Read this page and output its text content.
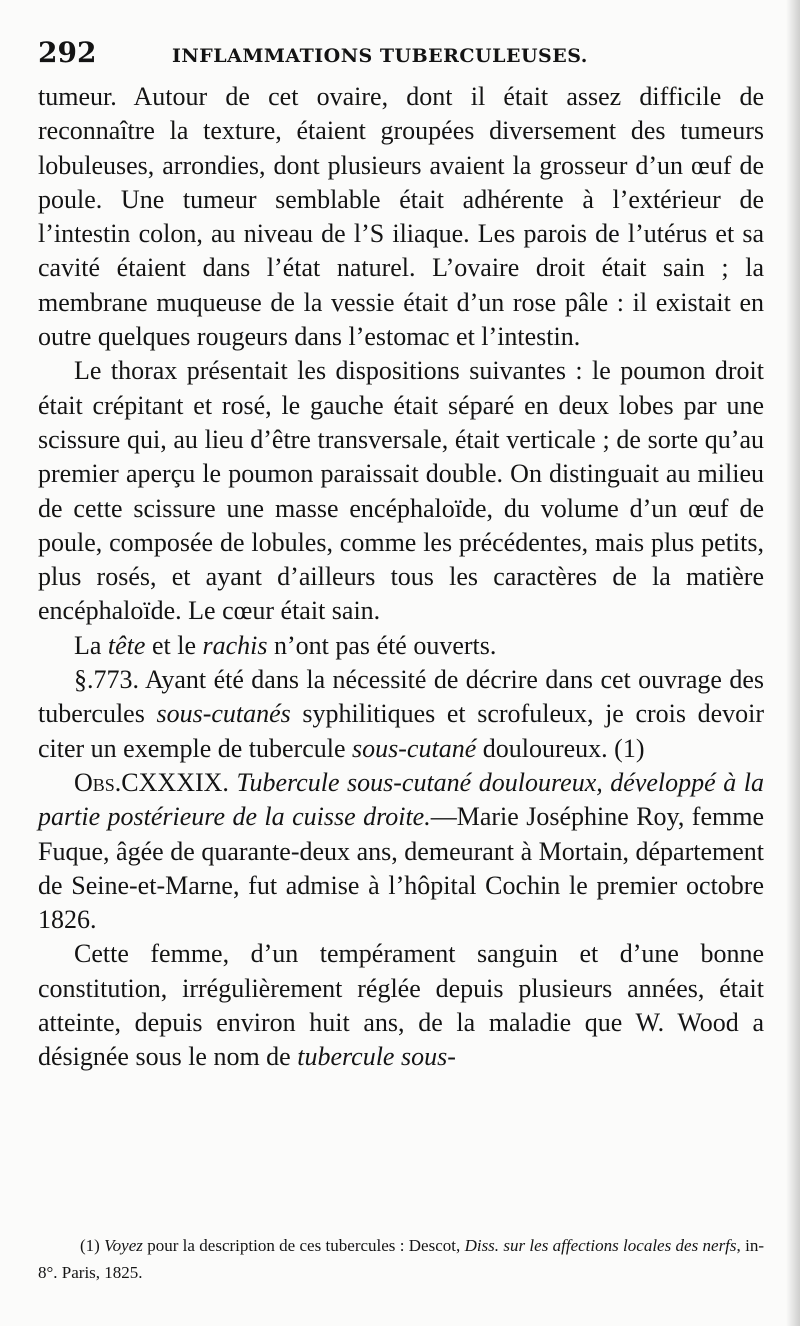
292	INFLAMMATIONS TUBERCULEUSES.

tumeur. Autour de cet ovaire, dont il était assez difficile de reconnaître la texture, étaient groupées diversement des tumeurs lobuleuses, arrondies, dont plusieurs avaient la grosseur d’un œuf de poule. Une tumeur semblable était adhérente à l’extérieur de l’intestin colon, au niveau de l’S iliaque. Les parois de l’utérus et sa cavité étaient dans l’état naturel. L’ovaire droit était sain ; la membrane muqueuse de la vessie était d’un rose pâle : il existait en outre quelques rougeurs dans l’estomac et l’intestin.

Le thorax présentait les dispositions suivantes : le poumon droit était crépitant et rosé, le gauche était séparé en deux lobes par une scissure qui, au lieu d’être transversale, était verticale ; de sorte qu’au premier aperçu le poumon paraissait double. On distinguait au milieu de cette scissure une masse encéphaloïde, du volume d’un œuf de poule, composée de lobules, comme les précédentes, mais plus petits, plus rosés, et ayant d’ailleurs tous les caractères de la matière encéphaloïde. Le cœur était sain.

La tête et le rachis n’ont pas été ouverts.

§.773. Ayant été dans la nécessité de décrire dans cet ouvrage des tubercules sous-cutanés syphilitiques et scrofuleux, je crois devoir citer un exemple de tubercule sous-cutané douloureux. (1)

Obs.CXXXIX. Tubercule sous-cutané douloureux, développé à la partie postérieure de la cuisse droite.—Marie Joséphine Roy, femme Fuque, âgée de quarante-deux ans, demeurant à Mortain, département de Seine-et-Marne, fut admise à l’hôpital Cochin le premier octobre 1826.

Cette femme, d’un tempérament sanguin et d’une bonne constitution, irrégulièrement réglée depuis plusieurs années, était atteinte, depuis environ huit ans, de la maladie que W. Wood a désignée sous le nom de tubercule sous-

(1) Voyez pour la description de ces tubercules : Descot, Diss. sur les affections locales des nerfs, in-8°. Paris, 1825.
